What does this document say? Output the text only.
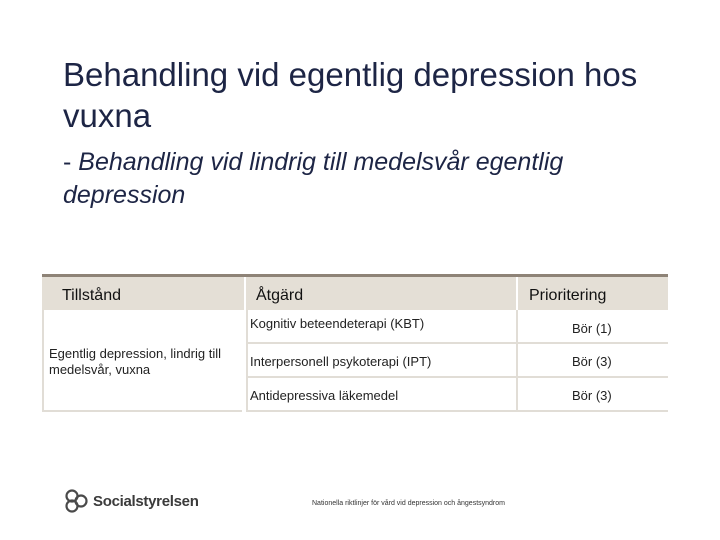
Behandling vid egentlig depression hos vuxna
- Behandling vid lindrig till medelsvår egentlig depression
Tillstånd	Åtgärd	Prioritering
Egentlig depression, lindrig till medelsvår, vuxna
Kognitiv beteendeterapi (KBT)	Bör (1)
Interpersonell psykoterapi (IPT)	Bör (3)
Antidepressiva läkemedel	Bör (3)
Socialstyrelsen	Nationella riktlinjer för vård vid depression och ångestsyndrom
